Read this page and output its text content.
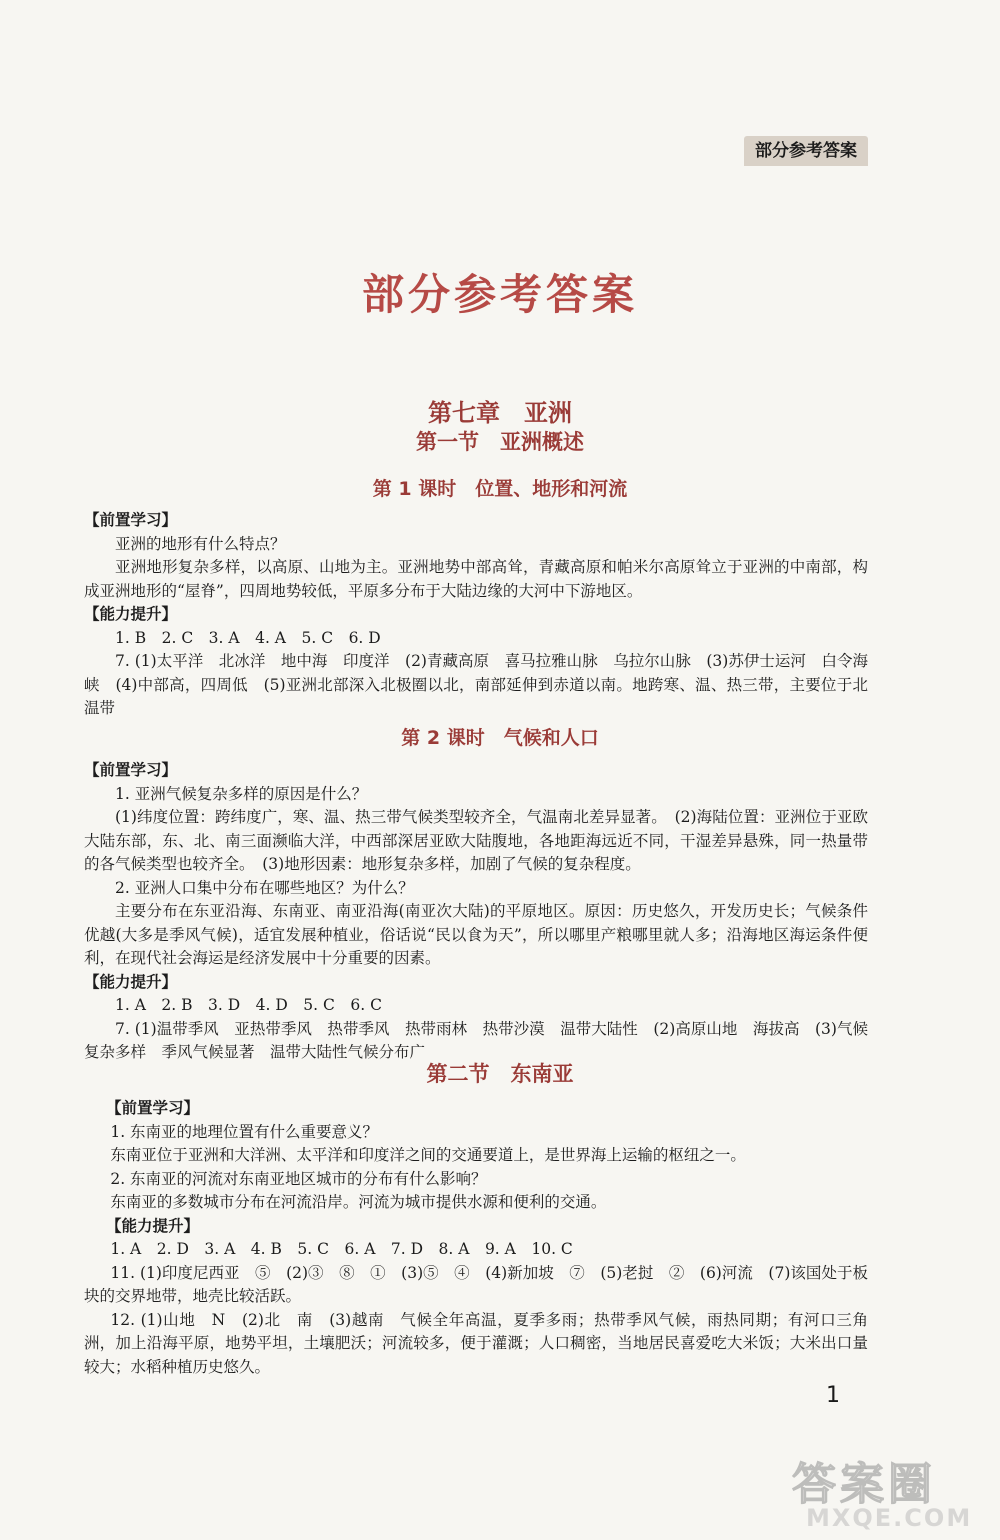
部分参考答案
部分参考答案
第七章　亚洲
第一节　亚洲概述
第 1 课时　位置、地形和河流

【前置学习】

亚洲的地形有什么特点？

亚洲地形复杂多样，以高原、山地为主。亚洲地势中部高耸，青藏高原和帕米尔高原耸立于亚洲的中南部，构成亚洲地形的“屋脊”，四周地势较低，平原多分布于大陆边缘的大河中下游地区。

【能力提升】

1. B　2. C　3. A　4. A　5. C　6. D

7. (1)太平洋　北冰洋　地中海　印度洋　(2)青藏高原　喜马拉雅山脉　乌拉尔山脉　(3)苏伊士运河　白令海峡　(4)中部高，四周低　(5)亚洲北部深入北极圈以北，南部延伸到赤道以南。地跨寒、温、热三带，主要位于北温带

第 2 课时　气候和人口

【前置学习】

1. 亚洲气候复杂多样的原因是什么？

(1)纬度位置：跨纬度广，寒、温、热三带气候类型较齐全，气温南北差异显著。　(2)海陆位置：亚洲位于亚欧大陆东部，东、北、南三面濒临大洋，中西部深居亚欧大陆腹地，各地距海远近不同，干湿差异悬殊，同一热量带的各气候类型也较齐全。　(3)地形因素：地形复杂多样，加剧了气候的复杂程度。

2. 亚洲人口集中分布在哪些地区？为什么？

主要分布在东亚沿海、东南亚、南亚沿海(南亚次大陆)的平原地区。原因：历史悠久，开发历史长；气候条件优越(大多是季风气候)，适宜发展种植业，俗话说“民以食为天”，所以哪里产粮哪里就人多；沿海地区海运条件便利，在现代社会海运是经济发展中十分重要的因素。

【能力提升】

1. A　2. B　3. D　4. D　5. C　6. C

7. (1)温带季风　亚热带季风　热带季风　热带雨林　热带沙漠　温带大陆性　(2)高原山地　海拔高　(3)气候复杂多样　季风气候显著　温带大陆性气候分布广

第二节　东南亚

【前置学习】

1. 东南亚的地理位置有什么重要意义？

东南亚位于亚洲和大洋洲、太平洋和印度洋之间的交通要道上，是世界海上运输的枢纽之一。

2. 东南亚的河流对东南亚地区城市的分布有什么影响？

东南亚的多数城市分布在河流沿岸。河流为城市提供水源和便利的交通。

【能力提升】

1. A　2. D　3. A　4. B　5. C　6. A　7. D　8. A　9. A　10. C

11. (1)印度尼西亚　⑤　(2)③　⑧　①　(3)⑤　④　(4)新加坡　⑦　(5)老挝　②　(6)河流　(7)该国处于板块的交界地带，地壳比较活跃。

12. (1)山地　N　(2)北　南　(3)越南　气候全年高温，夏季多雨；热带季风气候，雨热同期；有河口三角洲，加上沿海平原，地势平坦，土壤肥沃；河流较多，便于灌溉；人口稠密，当地居民喜爱吃大米饭；大米出口量较大；水稻种植历史悠久。

1
答案圈
MXQE.COM
